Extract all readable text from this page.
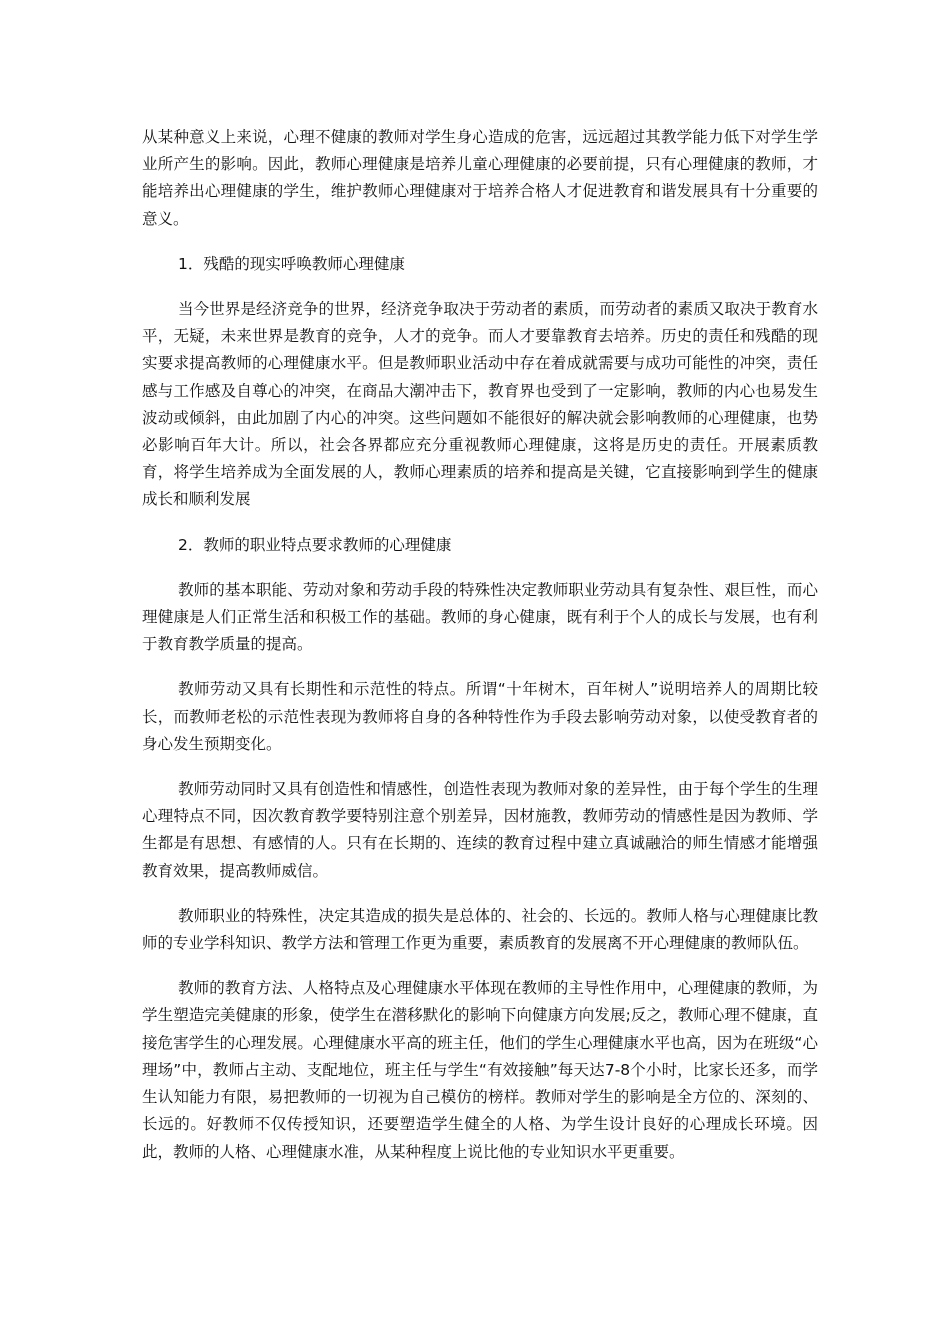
从某种意义上来说，心理不健康的教师对学生身心造成的危害，远远超过其教学能力低下对学生学业所产生的影响。因此，教师心理健康是培养儿童心理健康的必要前提，只有心理健康的教师，才能培养出心理健康的学生，维护教师心理健康对于培养合格人才促进教育和谐发展具有十分重要的意义。

1．残酷的现实呼唤教师心理健康

当今世界是经济竞争的世界，经济竞争取决于劳动者的素质，而劳动者的素质又取决于教育水平，无疑，未来世界是教育的竞争，人才的竞争。而人才要靠教育去培养。历史的责任和残酷的现实要求提高教师的心理健康水平。但是教师职业活动中存在着成就需要与成功可能性的冲突，责任感与工作感及自尊心的冲突，在商品大潮冲击下，教育界也受到了一定影响，教师的内心也易发生波动或倾斜，由此加剧了内心的冲突。这些问题如不能很好的解决就会影响教师的心理健康，也势必影响百年大计。所以，社会各界都应充分重视教师心理健康，这将是历史的责任。开展素质教育，将学生培养成为全面发展的人，教师心理素质的培养和提高是关键，它直接影响到学生的健康成长和顺利发展

2．教师的职业特点要求教师的心理健康

教师的基本职能、劳动对象和劳动手段的特殊性决定教师职业劳动具有复杂性、艰巨性，而心理健康是人们正常生活和积极工作的基础。教师的身心健康，既有利于个人的成长与发展，也有利于教育教学质量的提高。

教师劳动又具有长期性和示范性的特点。所谓“十年树木，百年树人”说明培养人的周期比较长，而教师老松的示范性表现为教师将自身的各种特性作为手段去影响劳动对象，以使受教育者的身心发生预期变化。

教师劳动同时又具有创造性和情感性，创造性表现为教师对象的差异性，由于每个学生的生理心理特点不同，因次教育教学要特别注意个别差异，因材施教，教师劳动的情感性是因为教师、学生都是有思想、有感情的人。只有在长期的、连续的教育过程中建立真诚融洽的师生情感才能增强教育效果，提高教师威信。

教师职业的特殊性，决定其造成的损失是总体的、社会的、长远的。教师人格与心理健康比教师的专业学科知识、教学方法和管理工作更为重要，素质教育的发展离不开心理健康的教师队伍。

教师的教育方法、人格特点及心理健康水平体现在教师的主导性作用中，心理健康的教师，为学生塑造完美健康的形象，使学生在潜移默化的影响下向健康方向发展;反之，教师心理不健康，直接危害学生的心理发展。心理健康水平高的班主任，他们的学生心理健康水平也高，因为在班级“心理场”中，教师占主动、支配地位，班主任与学生“有效接触”每天达7-8个小时，比家长还多，而学生认知能力有限，易把教师的一切视为自己模仿的榜样。教师对学生的影响是全方位的、深刻的、长远的。好教师不仅传授知识，还要塑造学生健全的人格、为学生设计良好的心理成长环境。因此，教师的人格、心理健康水准，从某种程度上说比他的专业知识水平更重要。
